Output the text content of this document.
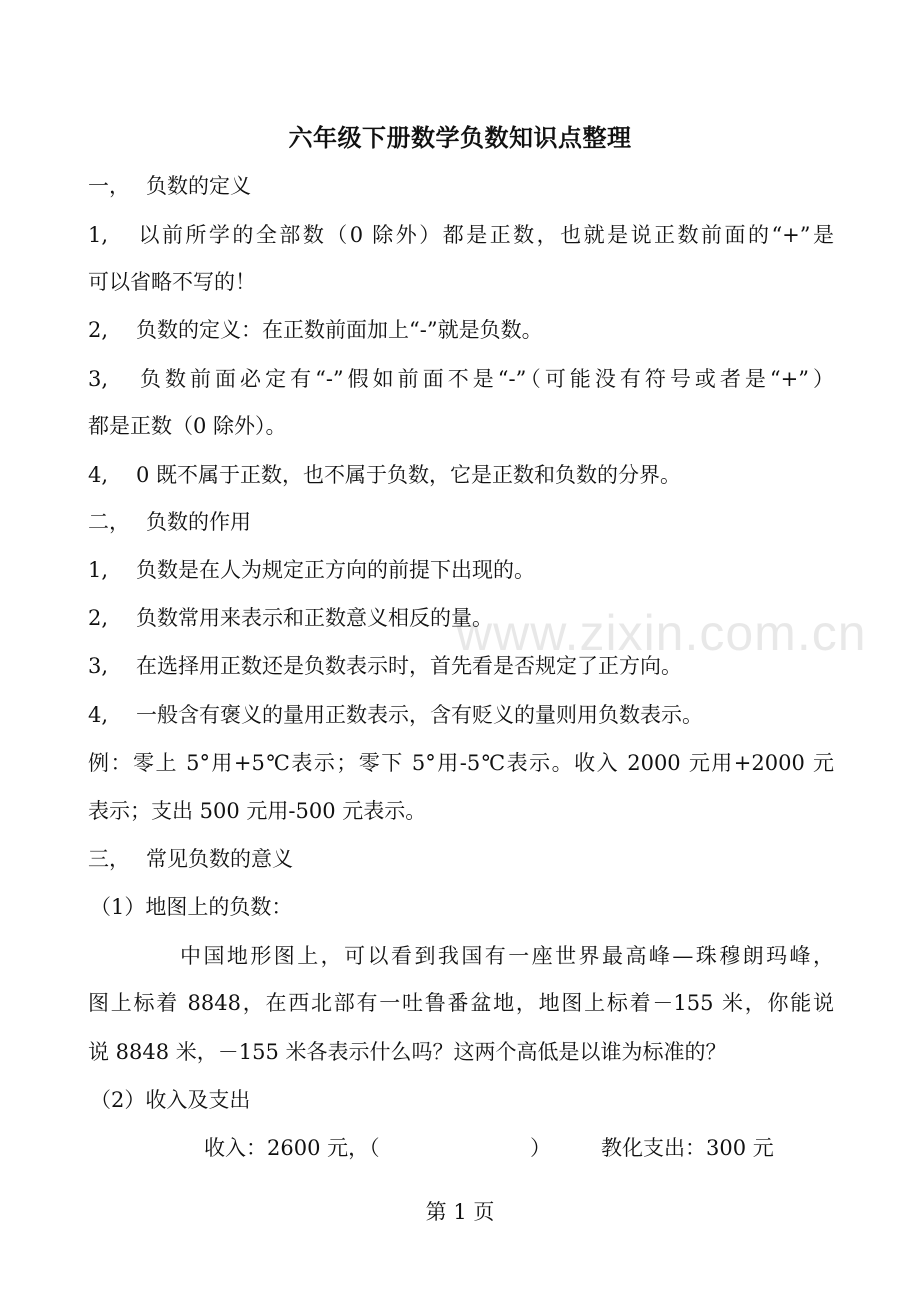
六年级下册数学负数知识点整理
一， 负数的定义
1, 以前所学的全部数（0 除外）都是正数，也就是说正数前面的“+”是
可以省略不写的！
2, 负数的定义：在正数前面加上“-”就是负数。
3, 负数前面必定有“-”假如前面不是“-”（可能没有符号或者是“+”）
都是正数（0 除外）。
4, 0 既不属于正数，也不属于负数，它是正数和负数的分界。
二， 负数的作用
1, 负数是在人为规定正方向的前提下出现的。
2, 负数常用来表示和正数意义相反的量。
3, 在选择用正数还是负数表示时，首先看是否规定了正方向。
4, 一般含有褒义的量用正数表示，含有贬义的量则用负数表示。
例：零上 5°用+5℃表示；零下 5°用-5℃表示。收入 2000 元用+2000 元
表示；支出 500 元用-500 元表示。
三， 常见负数的意义
（1）地图上的负数：
中国地形图上，可以看到我国有一座世界最高峰—珠穆朗玛峰，
图上标着 8848，在西北部有一吐鲁番盆地，地图上标着－155 米，你能说
说 8848 米，－155 米各表示什么吗？这两个高低是以谁为标准的？
（2）收入及支出
收入：2600 元，（	） 教化支出：300 元
www.zixin.com.cn
第 1 页
